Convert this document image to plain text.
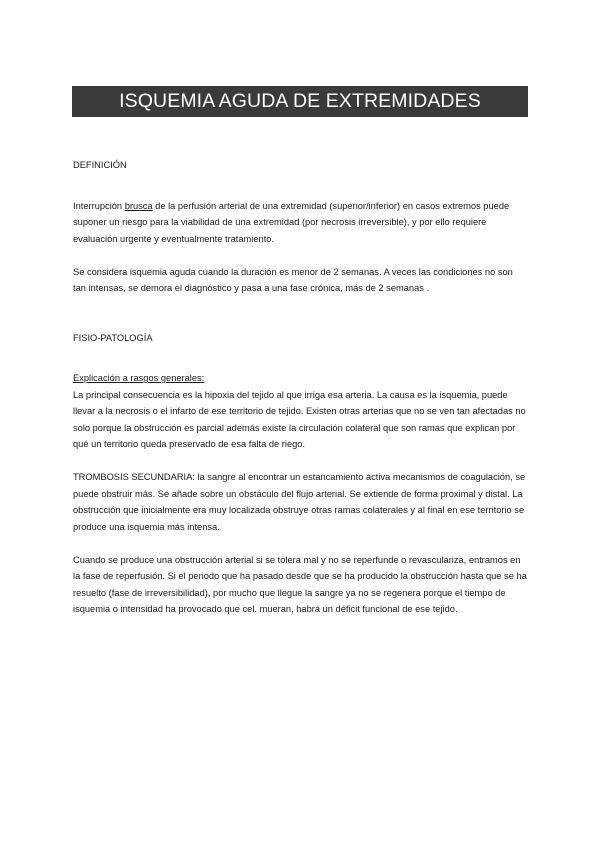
ISQUEMIA AGUDA DE EXTREMIDADES

DEFINICIÓN

Interrupción brusca de la perfusión arterial de una extremidad (superior/inferior) en casos extremos puede suponer un riesgo para la viabilidad de una extremidad (por necrosis irreversible), y por ello requiere evaluación urgente y eventualmente tratamiento.

Se considera isquemia aguda cuando la duración es menor de 2 semanas. A veces las condiciones no son tan intensas, se demora el diagnóstico y pasa a una fase crónica, más de 2 semanas .

FISIO-PATOLOGÍA

Explicación a rasgos generales:

La principal consecuencia es la hipoxia del tejido al que irriga esa arteria. La causa es la isquemia, puede llevar a la necrosis o el infarto de ese territorio de tejido. Existen otras arterias que no se ven tan afectadas no solo porque la obstrucción es parcial además existe la circulación colateral que son ramas que explican por qué un territorio queda preservado de esa falta de riego.

TROMBOSIS SECUNDARIA: la sangre al encontrar un estancamiento activa mecanismos de coagulación, se puede obstruir más. Se añade sobre un obstáculo del flujo arterial. Se extiende de forma proximal y distal. La obstrucción que inicialmente era muy localizada obstruye otras ramas colaterales y al final en ese territorio se produce una isquemia más intensa.

Cuando se produce una obstrucción arterial si se tolera mal y no se reperfunde o revasculariza, entramos en la fase de reperfusión. Si el periodo que ha pasado desde que se ha producido la obstrucción hasta que se ha resuelto (fase de irreversibilidad), por mucho que llegue la sangre ya no se regenera porque el tiempo de isquemia o intensidad ha provocado que cel. mueran, habrá un déficit funcional de ese tejido.
